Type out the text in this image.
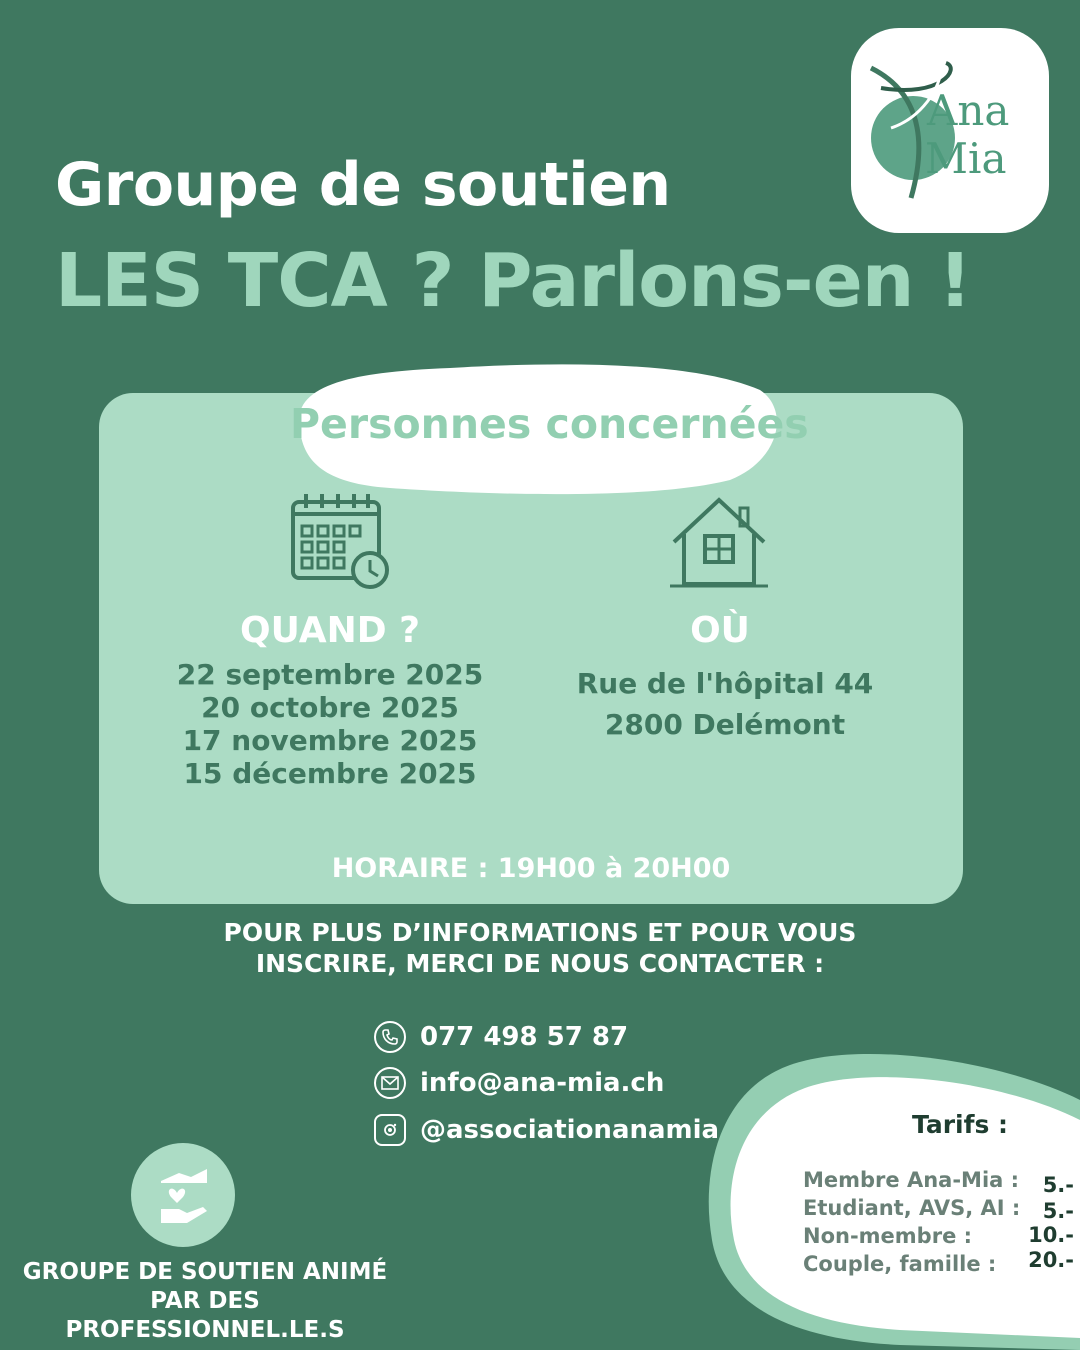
Ana
Mia
Groupe de soutien
LES TCA ? Parlons-en !
Personnes concernées
QUAND ?	OÙ
22 septembre 2025
20 octobre 2025
17 novembre 2025
15 décembre 2025
Rue de l'hôpital 44
2800 Delémont
HORAIRE : 19H00 à 20H00
POUR PLUS D’INFORMATIONS ET POUR VOUS
INSCRIRE, MERCI DE NOUS CONTACTER :
077 498 57 87
info@ana-mia.ch
@associationanamia
GROUPE DE SOUTIEN ANIMÉ
PAR DES PROFESSIONNEL.LE.S
Tarifs :
Membre Ana-Mia :	5.-
Etudiant, AVS, AI :	5.-
Non-membre :	10.-
Couple, famille :	20.-
